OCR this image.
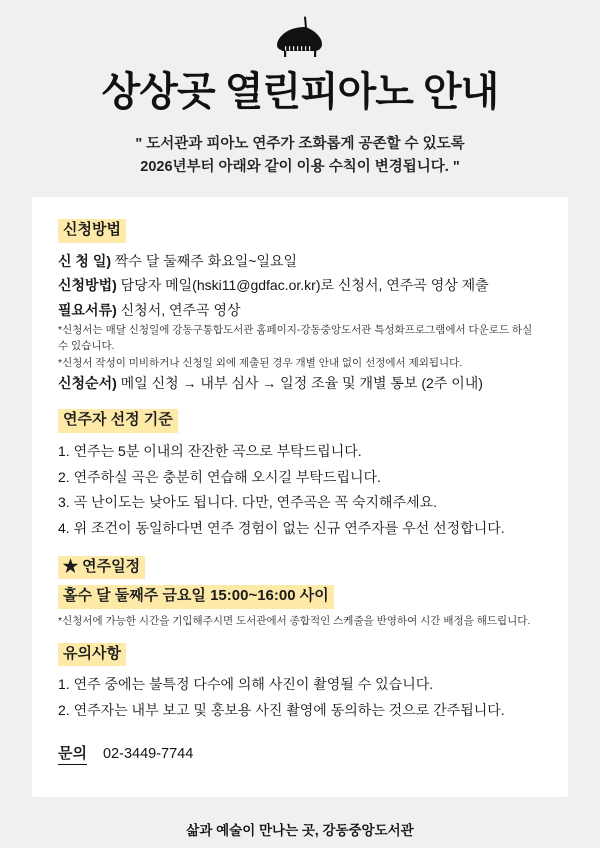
상상곳 열린피아노 안내
" 도서관과 피아노 연주가 조화롭게 공존할 수 있도록
2026년부터 아래와 같이 이용 수칙이 변경됩니다. "
신청방법
신 청 일) 짝수 달 둘째주 화요일~일요일
신청방법) 담당자 메일(hski11@gdfac.or.kr)로 신청서, 연주곡 영상 제출
필요서류) 신청서, 연주곡 영상
*신청서는 매달 신청일에 강동구통합도서관 홈페이지-강동중앙도서관 특성화프로그램에서 다운로드 하실 수 있습니다.
*신청서 작성이 미비하거나 신청일 외에 제출된 경우 개별 안내 없이 선정에서 제외됩니다.
신청순서) 메일 신청 → 내부 심사 → 일정 조율 및 개별 통보 (2주 이내)
연주자 선정 기준
1. 연주는 5분 이내의 잔잔한 곡으로 부탁드립니다.
2. 연주하실 곡은 충분히 연습해 오시길 부탁드립니다.
3. 곡 난이도는 낮아도 됩니다. 다만, 연주곡은 꼭 숙지해주세요.
4. 위 조건이 동일하다면 연주 경험이 없는 신규 연주자를 우선 선정합니다.
★ 연주일정
홀수 달 둘째주 금요일 15:00~16:00 사이
*신청서에 가능한 시간을 기입해주시면 도서관에서 종합적인 스케줄을 반영하여 시간 배정을 해드립니다.
유의사항
1. 연주 중에는 불특정 다수에 의해 사진이 촬영될 수 있습니다.
2. 연주자는 내부 보고 및 홍보용 사진 촬영에 동의하는 것으로 간주됩니다.
문의 02-3449-7744
삶과 예술이 만나는 곳, 강동중앙도서관
